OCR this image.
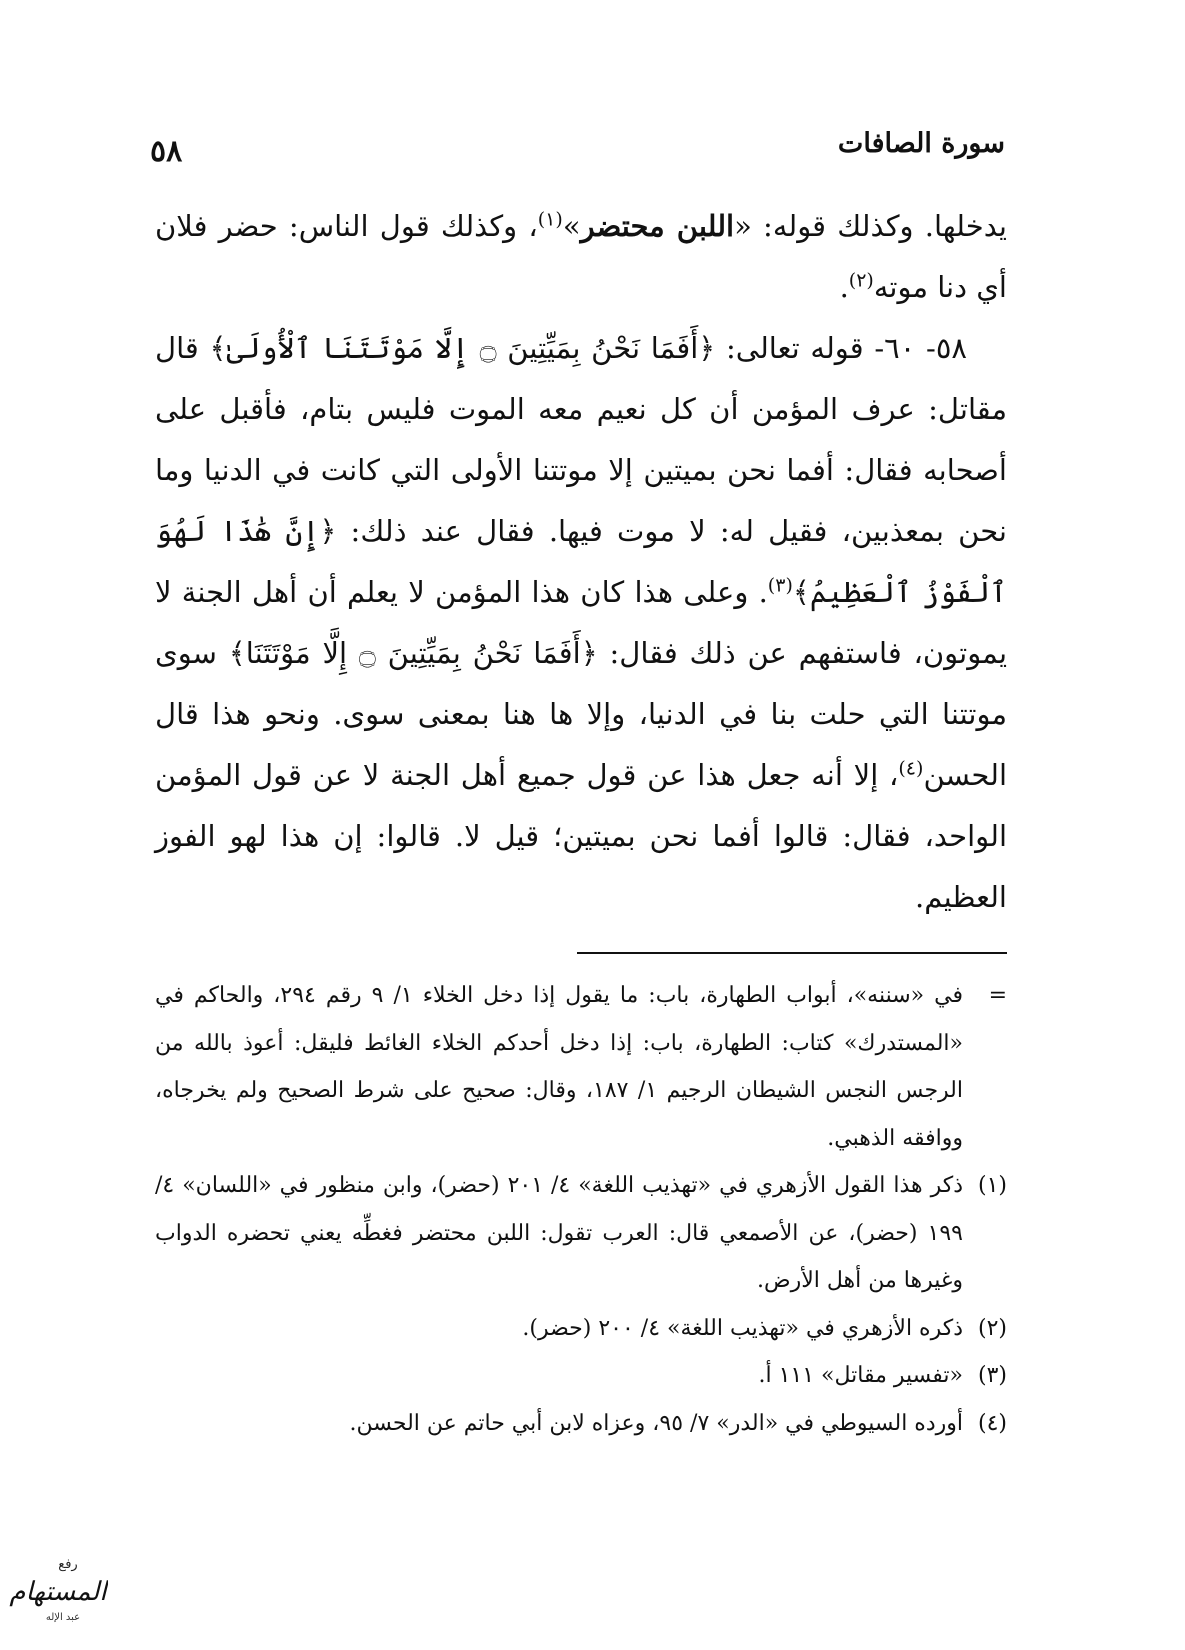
سورة الصافات
٥٨

يدخلها. وكذلك قوله: «اللبن محتضر»$^{(١)}$، وكذلك قول الناس: حضر فلان أي دنا موته$^{(٢)}$.

٥٨- ٦٠- قوله تعالى: ﴿أَفَمَا نَحْنُ بِمَيِّتِينَ ۝ إِلَّا مَوْتَتَنَا ٱلْأُولَىٰ﴾ قال مقاتل: عرف المؤمن أن كل نعيم معه الموت فليس بتام، فأقبل على أصحابه فقال: أفما نحن بميتين إلا موتتنا الأولى التي كانت في الدنيا وما نحن بمعذبين، فقيل له: لا موت فيها. فقال عند ذلك: ﴿إِنَّ هَٰذَا لَهُوَ ٱلْفَوْزُ ٱلْعَظِيمُ﴾$^{(٣)}$. وعلى هذا كان هذا المؤمن لا يعلم أن أهل الجنة لا يموتون، فاستفهم عن ذلك فقال: ﴿أَفَمَا نَحْنُ بِمَيِّتِينَ ۝ إِلَّا مَوْتَتَنَا﴾ سوى موتتنا التي حلت بنا في الدنيا، وإلا ها هنا بمعنى سوى. ونحو هذا قال الحسن$^{(٤)}$، إلا أنه جعل هذا عن قول جميع أهل الجنة لا عن قول المؤمن الواحد، فقال: قالوا أفما نحن بميتين؛ قيل لا. قالوا: إن هذا لهو الفوز العظيم.

=
في «سننه»، أبواب الطهارة، باب: ما يقول إذا دخل الخلاء ١/ ٩ رقم ٢٩٤، والحاكم في «المستدرك» كتاب: الطهارة، باب: إذا دخل أحدكم الخلاء الغائط فليقل: أعوذ بالله من الرجس النجس الشيطان الرجيم ١/ ١٨٧، وقال: صحيح على شرط الصحيح ولم يخرجاه، ووافقه الذهبي.
(١)
ذكر هذا القول الأزهري في «تهذيب اللغة» ٤/ ٢٠١ (حضر)، وابن منظور في «اللسان» ٤/ ١٩٩ (حضر)، عن الأصمعي قال: العرب تقول: اللبن محتضر فغطِّه يعني تحضره الدواب وغيرها من أهل الأرض.
(٢)
ذكره الأزهري في «تهذيب اللغة» ٤/ ٢٠٠ (حضر).
(٣)
«تفسير مقاتل» ١١١ أ.
(٤)
أورده السيوطي في «الدر» ٧/ ٩٥، وعزاه لابن أبي حاتم عن الحسن.
رفع
المستهام
عبد الإله
